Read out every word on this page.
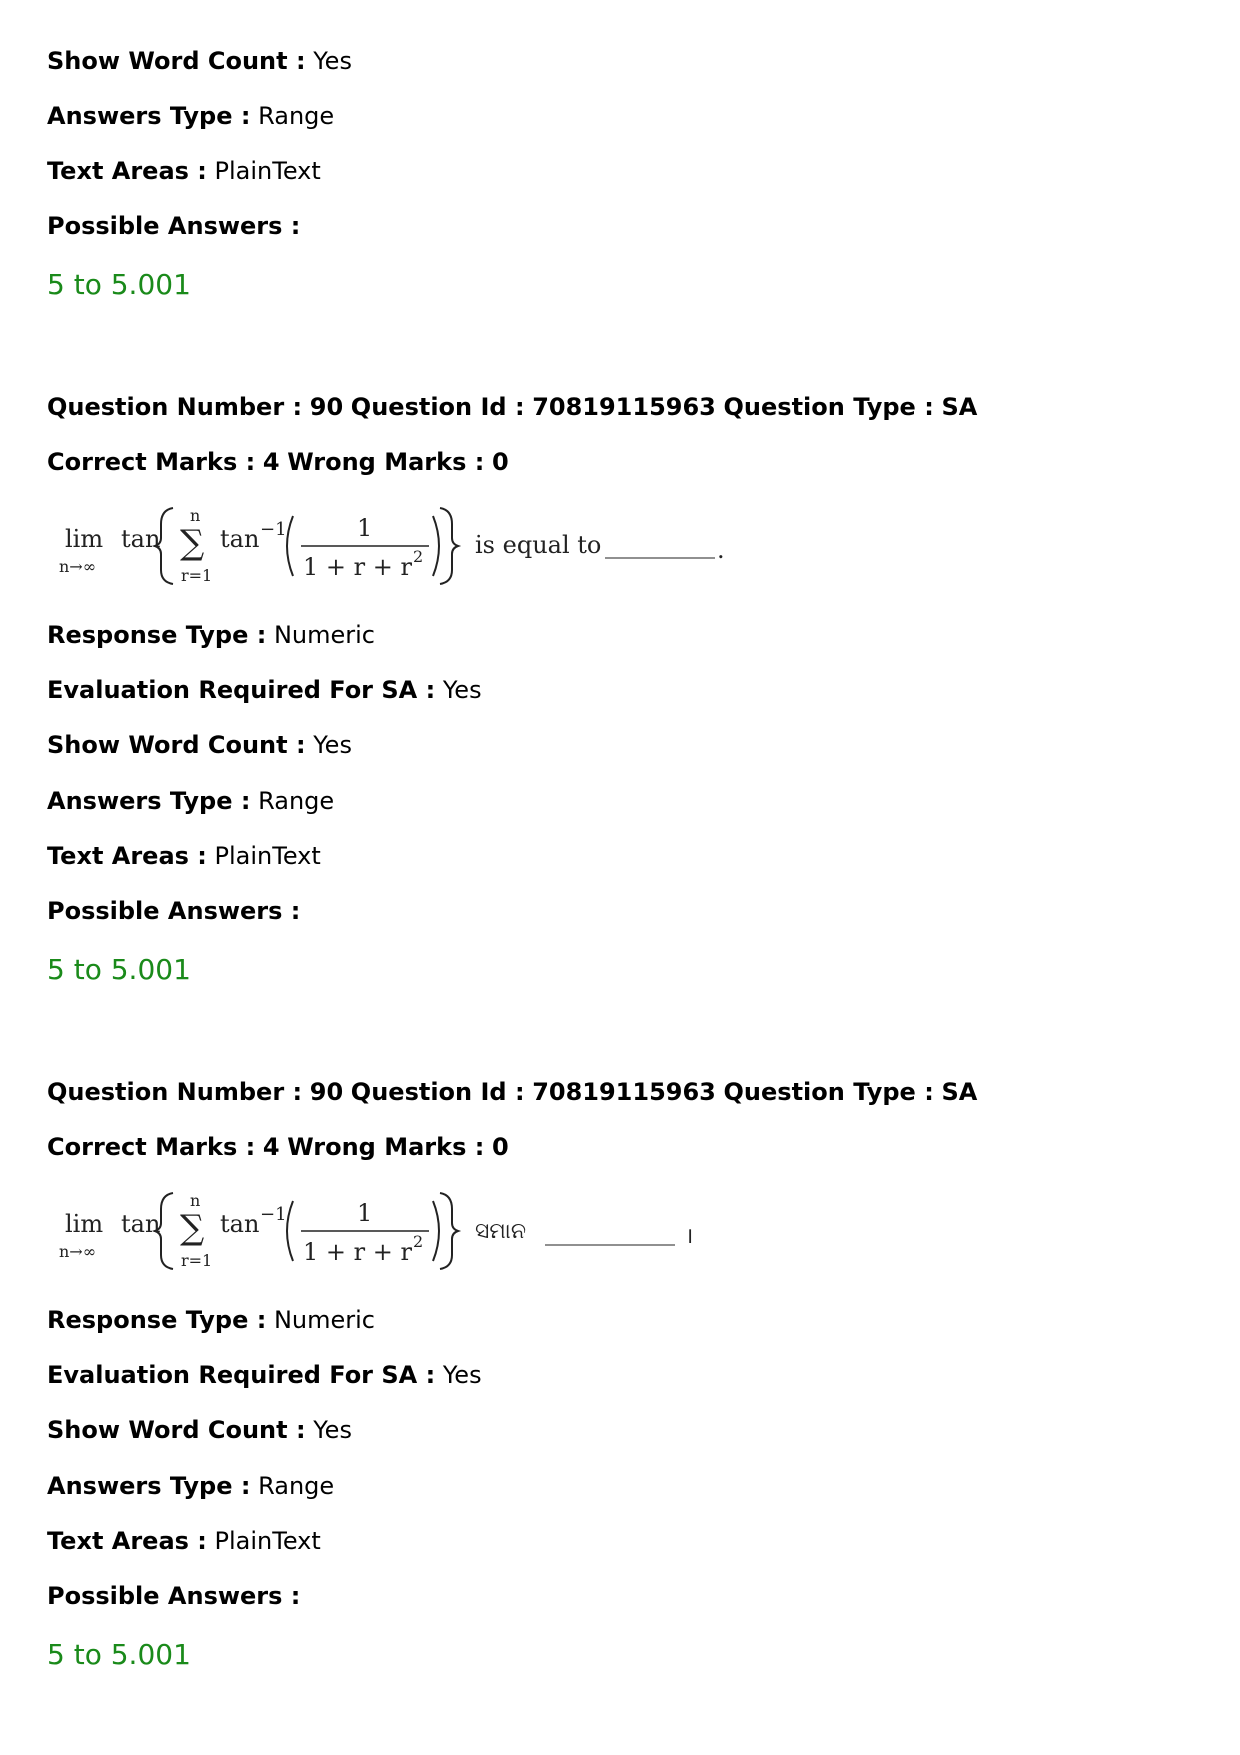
Show Word Count : Yes
Answers Type : Range
Text Areas : PlainText
Possible Answers :
5 to 5.001
Question Number : 90 Question Id : 70819115963 Question Type : SA
Correct Marks : 4 Wrong Marks : 0
lim
n→∞
tan
n
∑
r=1
tan −1	1
1 + r + r 2 is equal to	.
Response Type : Numeric
Evaluation Required For SA : Yes
Show Word Count : Yes
Answers Type : Range
Text Areas : PlainText
Possible Answers :
5 to 5.001
Question Number : 90 Question Id : 70819115963 Question Type : SA
Correct Marks : 4 Wrong Marks : 0
lim
n→∞
tan
n
∑
r=1
tan −1	1
1 + r + r 2 ସମାନ	।
Response Type : Numeric
Evaluation Required For SA : Yes
Show Word Count : Yes
Answers Type : Range
Text Areas : PlainText
Possible Answers :
5 to 5.001
